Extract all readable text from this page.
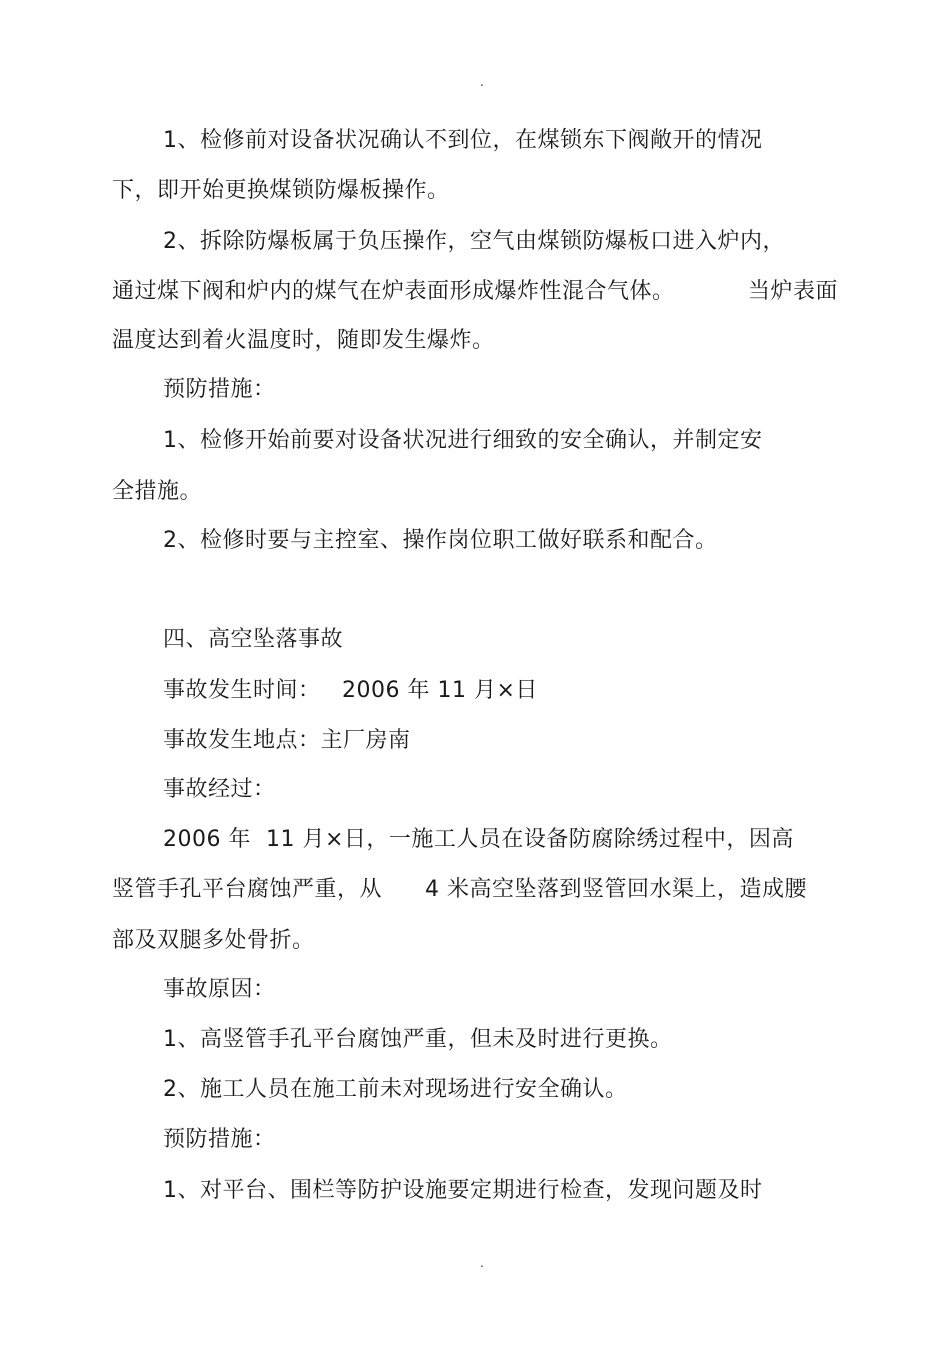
.
1、检修前对设备状况确认不到位，在煤锁东下阀敞开的情况
下，即开始更换煤锁防爆板操作。
2、拆除防爆板属于负压操作，空气由煤锁防爆板口进入炉内，
通过煤下阀和炉内的煤气在炉表面形成爆炸性混合气体。	当炉表面
温度达到着火温度时，随即发生爆炸。
预防措施：
1、检修开始前要对设备状况进行细致的安全确认，并制定安
全措施。
2、检修时要与主控室、操作岗位职工做好联系和配合。
四、高空坠落事故
事故发生时间： 2006 年 11 月×日
事故发生地点：主厂房南
事故经过：
2006 年  11 月×日，一施工人员在设备防腐除绣过程中，因高
竖管手孔平台腐蚀严重，从 4 米高空坠落到竖管回水渠上，造成腰
部及双腿多处骨折。
事故原因：
1、高竖管手孔平台腐蚀严重，但未及时进行更换。
2、施工人员在施工前未对现场进行安全确认。
预防措施：
1、对平台、围栏等防护设施要定期进行检查，发现问题及时
.
